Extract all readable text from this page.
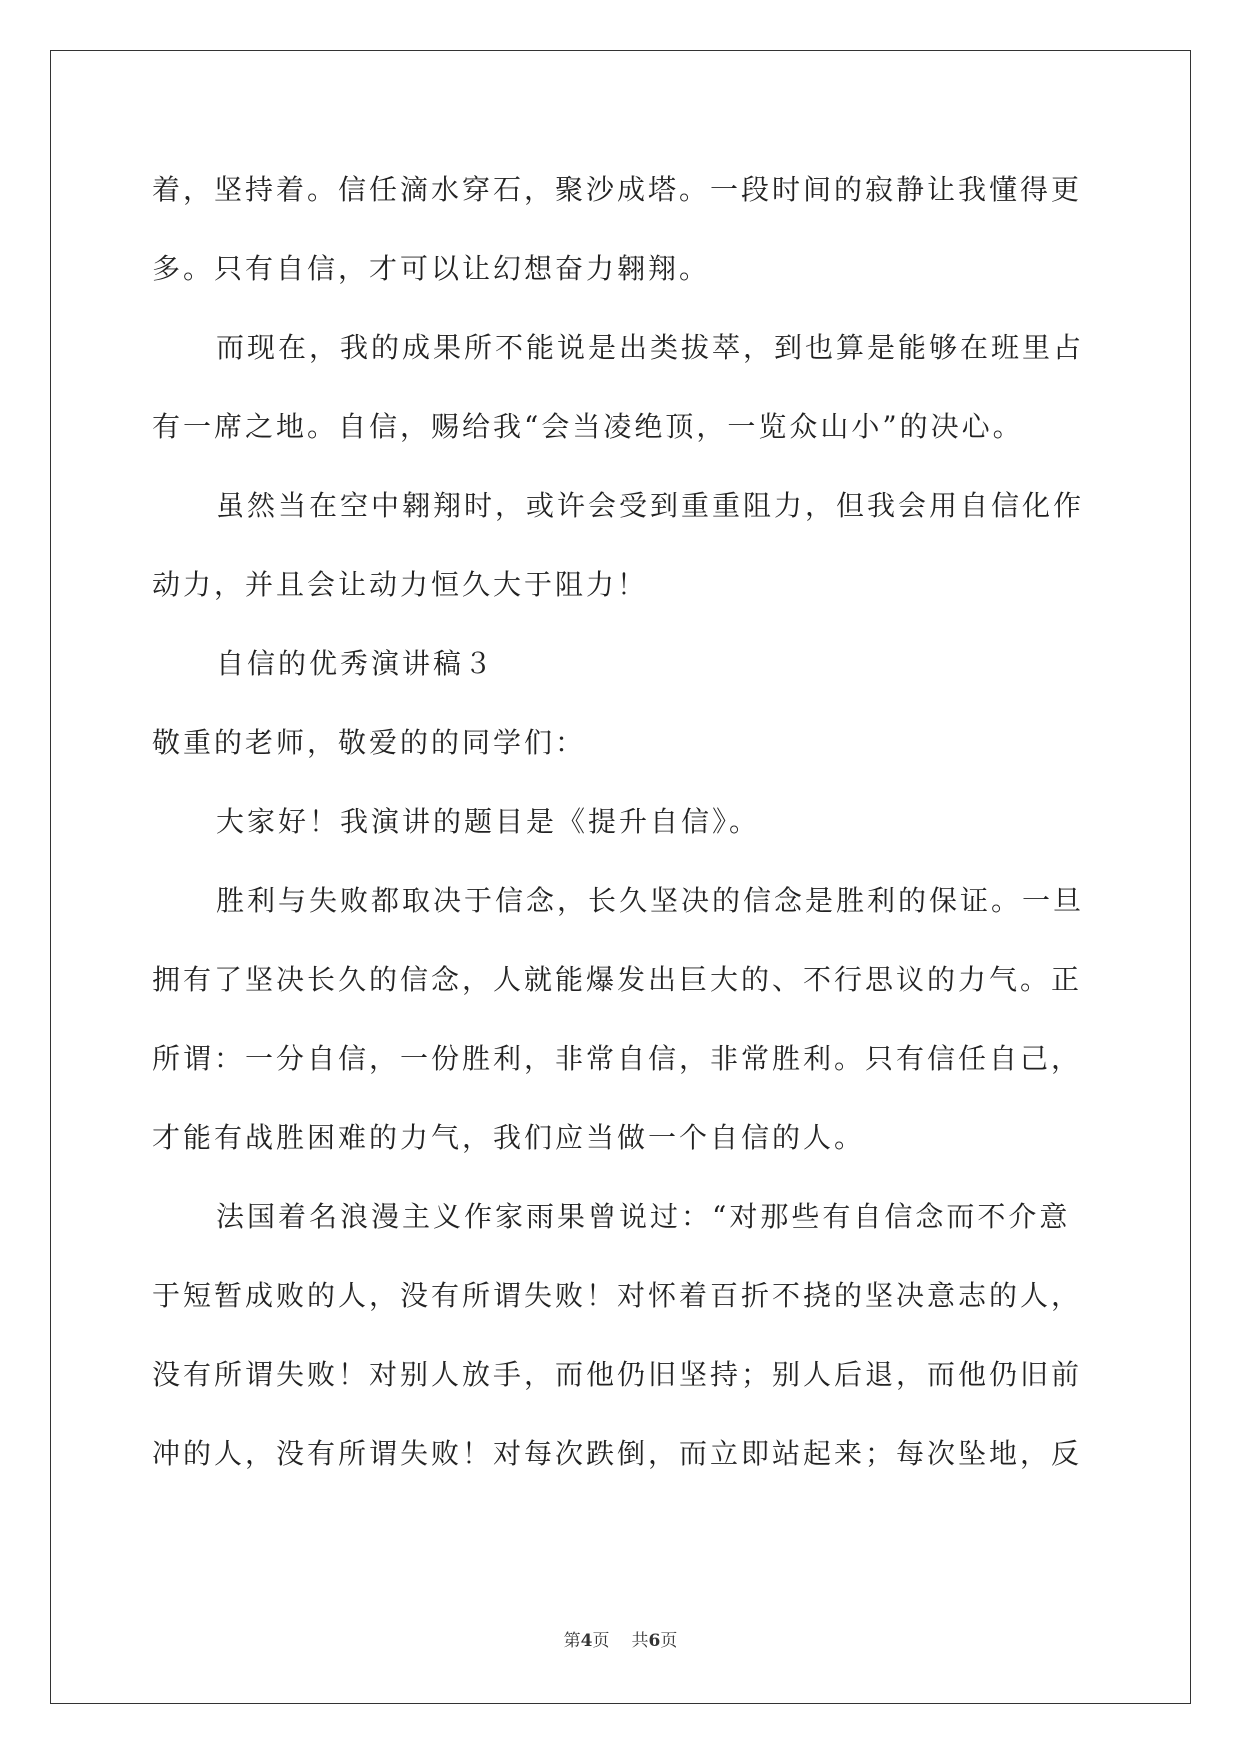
着，坚持着。信任滴水穿石，聚沙成塔。一段时间的寂静让我懂得更
多。只有自信，才可以让幻想奋力翱翔。
而现在，我的成果所不能说是出类拔萃，到也算是能够在班里占
有一席之地。自信，赐给我“会当凌绝顶，一览众山小”的决心。
虽然当在空中翱翔时，或许会受到重重阻力，但我会用自信化作
动力，并且会让动力恒久大于阻力！
自信的优秀演讲稿３
敬重的老师，敬爱的的同学们：
大家好！我演讲的题目是《提升自信》。
胜利与失败都取决于信念，长久坚决的信念是胜利的保证。一旦
拥有了坚决长久的信念，人就能爆发出巨大的、不行思议的力气。正
所谓：一分自信，一份胜利，非常自信，非常胜利。只有信任自己，
才能有战胜困难的力气，我们应当做一个自信的人。
法国着名浪漫主义作家雨果曾说过：“对那些有自信念而不介意
于短暂成败的人，没有所谓失败！对怀着百折不挠的坚决意志的人，
没有所谓失败！对别人放手，而他仍旧坚持；别人后退，而他仍旧前
冲的人，没有所谓失败！对每次跌倒，而立即站起来；每次坠地，反
第4页 共6页
